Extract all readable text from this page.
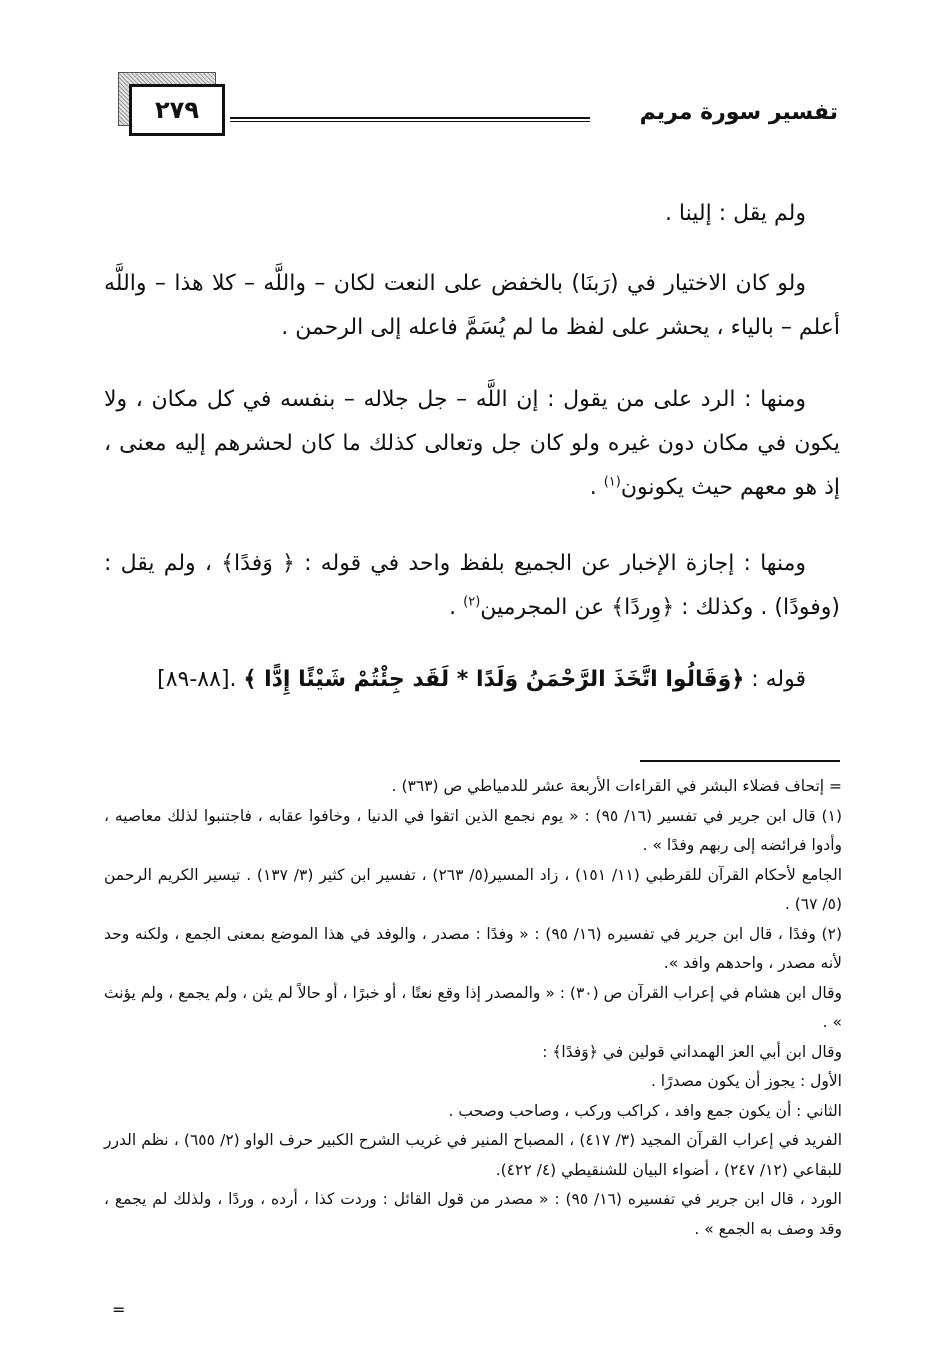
٢٧٩	تفسير سورة مريم

ولم يقل : إلينا .

ولو كان الاختيار في (رَبنَا) بالخفض على النعت لكان – واللَّه – كلا هذا – واللَّه أعلم – بالياء ، يحشر على لفظ ما لم يُسَمَّ فاعله إلى الرحمن .

ومنها : الرد على من يقول : إن اللَّه – جل جلاله – بنفسه في كل مكان ، ولا يكون في مكان دون غيره ولو كان جل وتعالى كذلك ما كان لحشرهم إليه معنى ، إذ هو معهم حيث يكونون$^{(١)}$ .

ومنها : إجازة الإخبار عن الجميع بلفظ واحد في قوله : ﴿ وَفدًا﴾ ، ولم يقل : (وفودًا) . وكذلك : ﴿وِردًا﴾ عن المجرمين$^{(٢)}$ .

قوله : ﴿وَقَالُوا اتَّخَذَ الرَّحْمَنُ وَلَدًا * لَقَد جِئْتُمْ شَيْئًا إِدًّا ﴾ .[٨٨-٨٩]

= إتحاف فضلاء البشر في القراءات الأربعة عشر للدمياطي ص (٣٦٣) .

(١) قال ابن جرير في تفسير (١٦/ ٩٥) : « يوم نجمع الذين اتقوا في الدنيا ، وخافوا عقابه ، فاجتنبوا لذلك معاصيه ، وأدوا فرائضه إلى ربهم وفدًا » .

الجامع لأحكام القرآن للقرطبي (١١/ ١٥١) ، زاد المسير(٥/ ٢٦٣) ، تفسير ابن كثير (٣/ ١٣٧) . تيسير الكريم الرحمن (٥/ ٦٧) .

(٢) وفدًا ، قال ابن جرير في تفسيره (١٦/ ٩٥) : « وفدًا : مصدر ، والوفد في هذا الموضع بمعنى الجمع ، ولكنه وحد لأنه مصدر ، واحدهم وافد ».

وقال ابن هشام في إعراب القرآن ص (٣٠) : « والمصدر إذا وقع نعتًا ، أو خبرًا ، أو حالاً لم يثن ، ولم يجمع ، ولم يؤنث » .

وقال ابن أبي العز الهمداني قولين في ﴿وَفدًا﴾ :

الأول : يجوز أن يكون مصدرًا .

الثاني : أن يكون جمع وافد ، كراكب وركب ، وصاحب وصحب .

الفريد في إعراب القرآن المجيد (٣/ ٤١٧) ، المصباح المنير في غريب الشرح الكبير حرف الواو (٢/ ٦٥٥) ، نظم الدرر للبقاعي (١٢/ ٢٤٧) ، أضواء البيان للشنقيطي (٤/ ٤٢٢).

الورد ، قال ابن جرير في تفسيره (١٦/ ٩٥) : « مصدر من قول القائل : وردت كذا ، أرده ، وردًا ، ولذلك لم يجمع ، وقد وصف به الجمع » .

=
